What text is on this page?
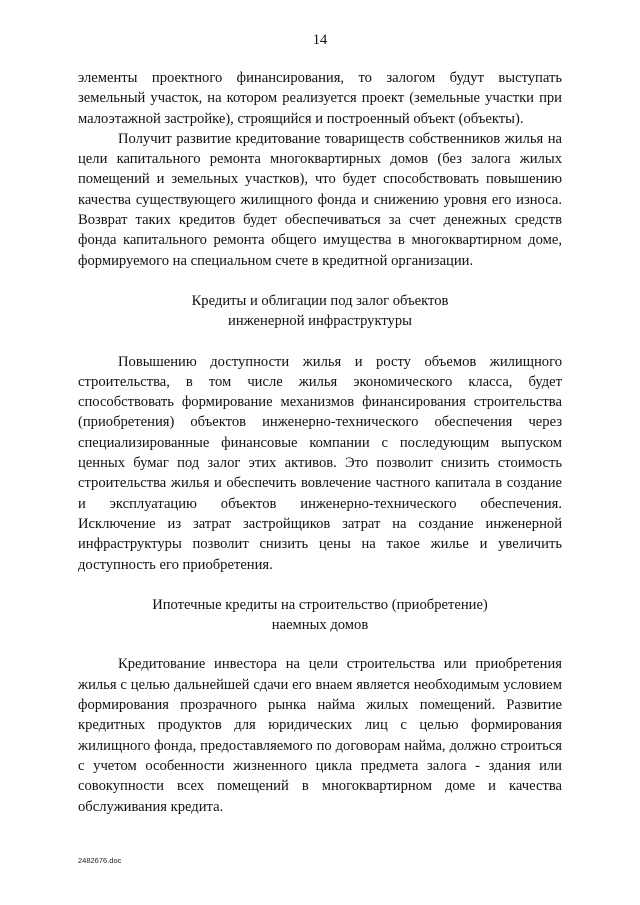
14

элементы проектного финансирования, то залогом будут выступать земельный участок, на котором реализуется проект (земельные участки при малоэтажной застройке), строящийся и построенный объект (объекты).

Получит развитие кредитование товариществ собственников жилья на цели капитального ремонта многоквартирных домов (без залога жилых помещений и земельных участков), что будет способствовать повышению качества существующего жилищного фонда и снижению уровня его износа. Возврат таких кредитов будет обеспечиваться за счет денежных средств фонда капитального ремонта общего имущества в многоквартирном доме, формируемого на специальном счете в кредитной организации.

Кредиты и облигации под залог объектов
инженерной инфраструктуры

Повышению доступности жилья и росту объемов жилищного строительства, в том числе жилья экономического класса, будет способствовать формирование механизмов финансирования строительства (приобретения) объектов инженерно-технического обеспечения через специализированные финансовые компании с последующим выпуском ценных бумаг под залог этих активов. Это позволит снизить стоимость строительства жилья и обеспечить вовлечение частного капитала в создание и эксплуатацию объектов инженерно-технического обеспечения. Исключение из затрат застройщиков затрат на создание инженерной инфраструктуры позволит снизить цены на такое жилье и увеличить доступность его приобретения.

Ипотечные кредиты на строительство (приобретение)
наемных домов

Кредитование инвестора на цели строительства или приобретения жилья с целью дальнейшей сдачи его внаем является необходимым условием формирования прозрачного рынка найма жилых помещений. Развитие кредитных продуктов для юридических лиц с целью формирования жилищного фонда, предоставляемого по договорам найма, должно строиться с учетом особенности жизненного цикла предмета залога - здания или совокупности всех помещений в многоквартирном доме и качества обслуживания кредита.

2482676.doc
